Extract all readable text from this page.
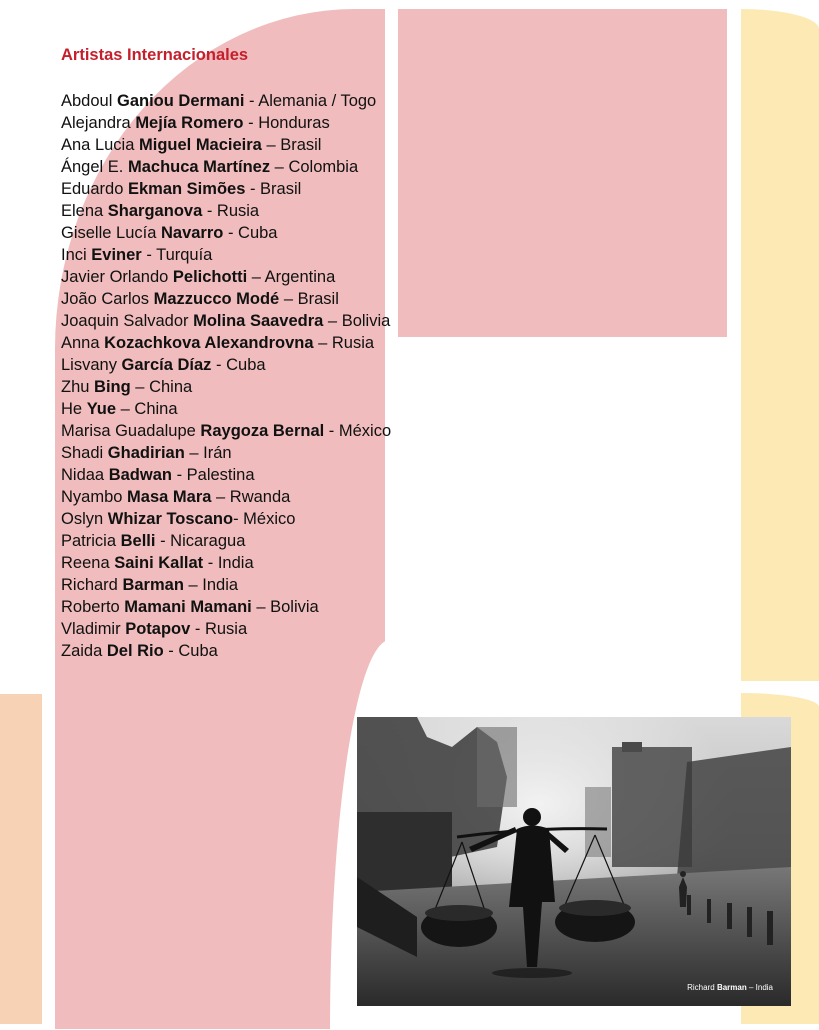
Artistas Internacionales
Abdoul Ganiou Dermani - Alemania / Togo
Alejandra Mejía Romero - Honduras
Ana Lucia Miguel Macieira – Brasil
Ángel E. Machuca Martínez – Colombia
Eduardo Ekman Simões - Brasil
Elena Sharganova - Rusia
Giselle Lucía Navarro - Cuba
Inci Eviner - Turquía
Javier Orlando Pelichotti – Argentina
João Carlos Mazzucco Modé – Brasil
Joaquin Salvador Molina Saavedra – Bolivia
Anna Kozachkova Alexandrovna – Rusia
Lisvany García Díaz - Cuba
Zhu Bing – China
He Yue – China
Marisa Guadalupe Raygoza Bernal - México
Shadi Ghadirian – Irán
Nidaa Badwan - Palestina
Nyambo Masa Mara – Rwanda
Oslyn Whizar Toscano- México
Patricia Belli - Nicaragua
Reena Saini Kallat - India
Richard Barman – India
Roberto Mamani Mamani – Bolivia
Vladimir Potapov - Rusia
Zaida Del Rio - Cuba
Richard Barman – India
